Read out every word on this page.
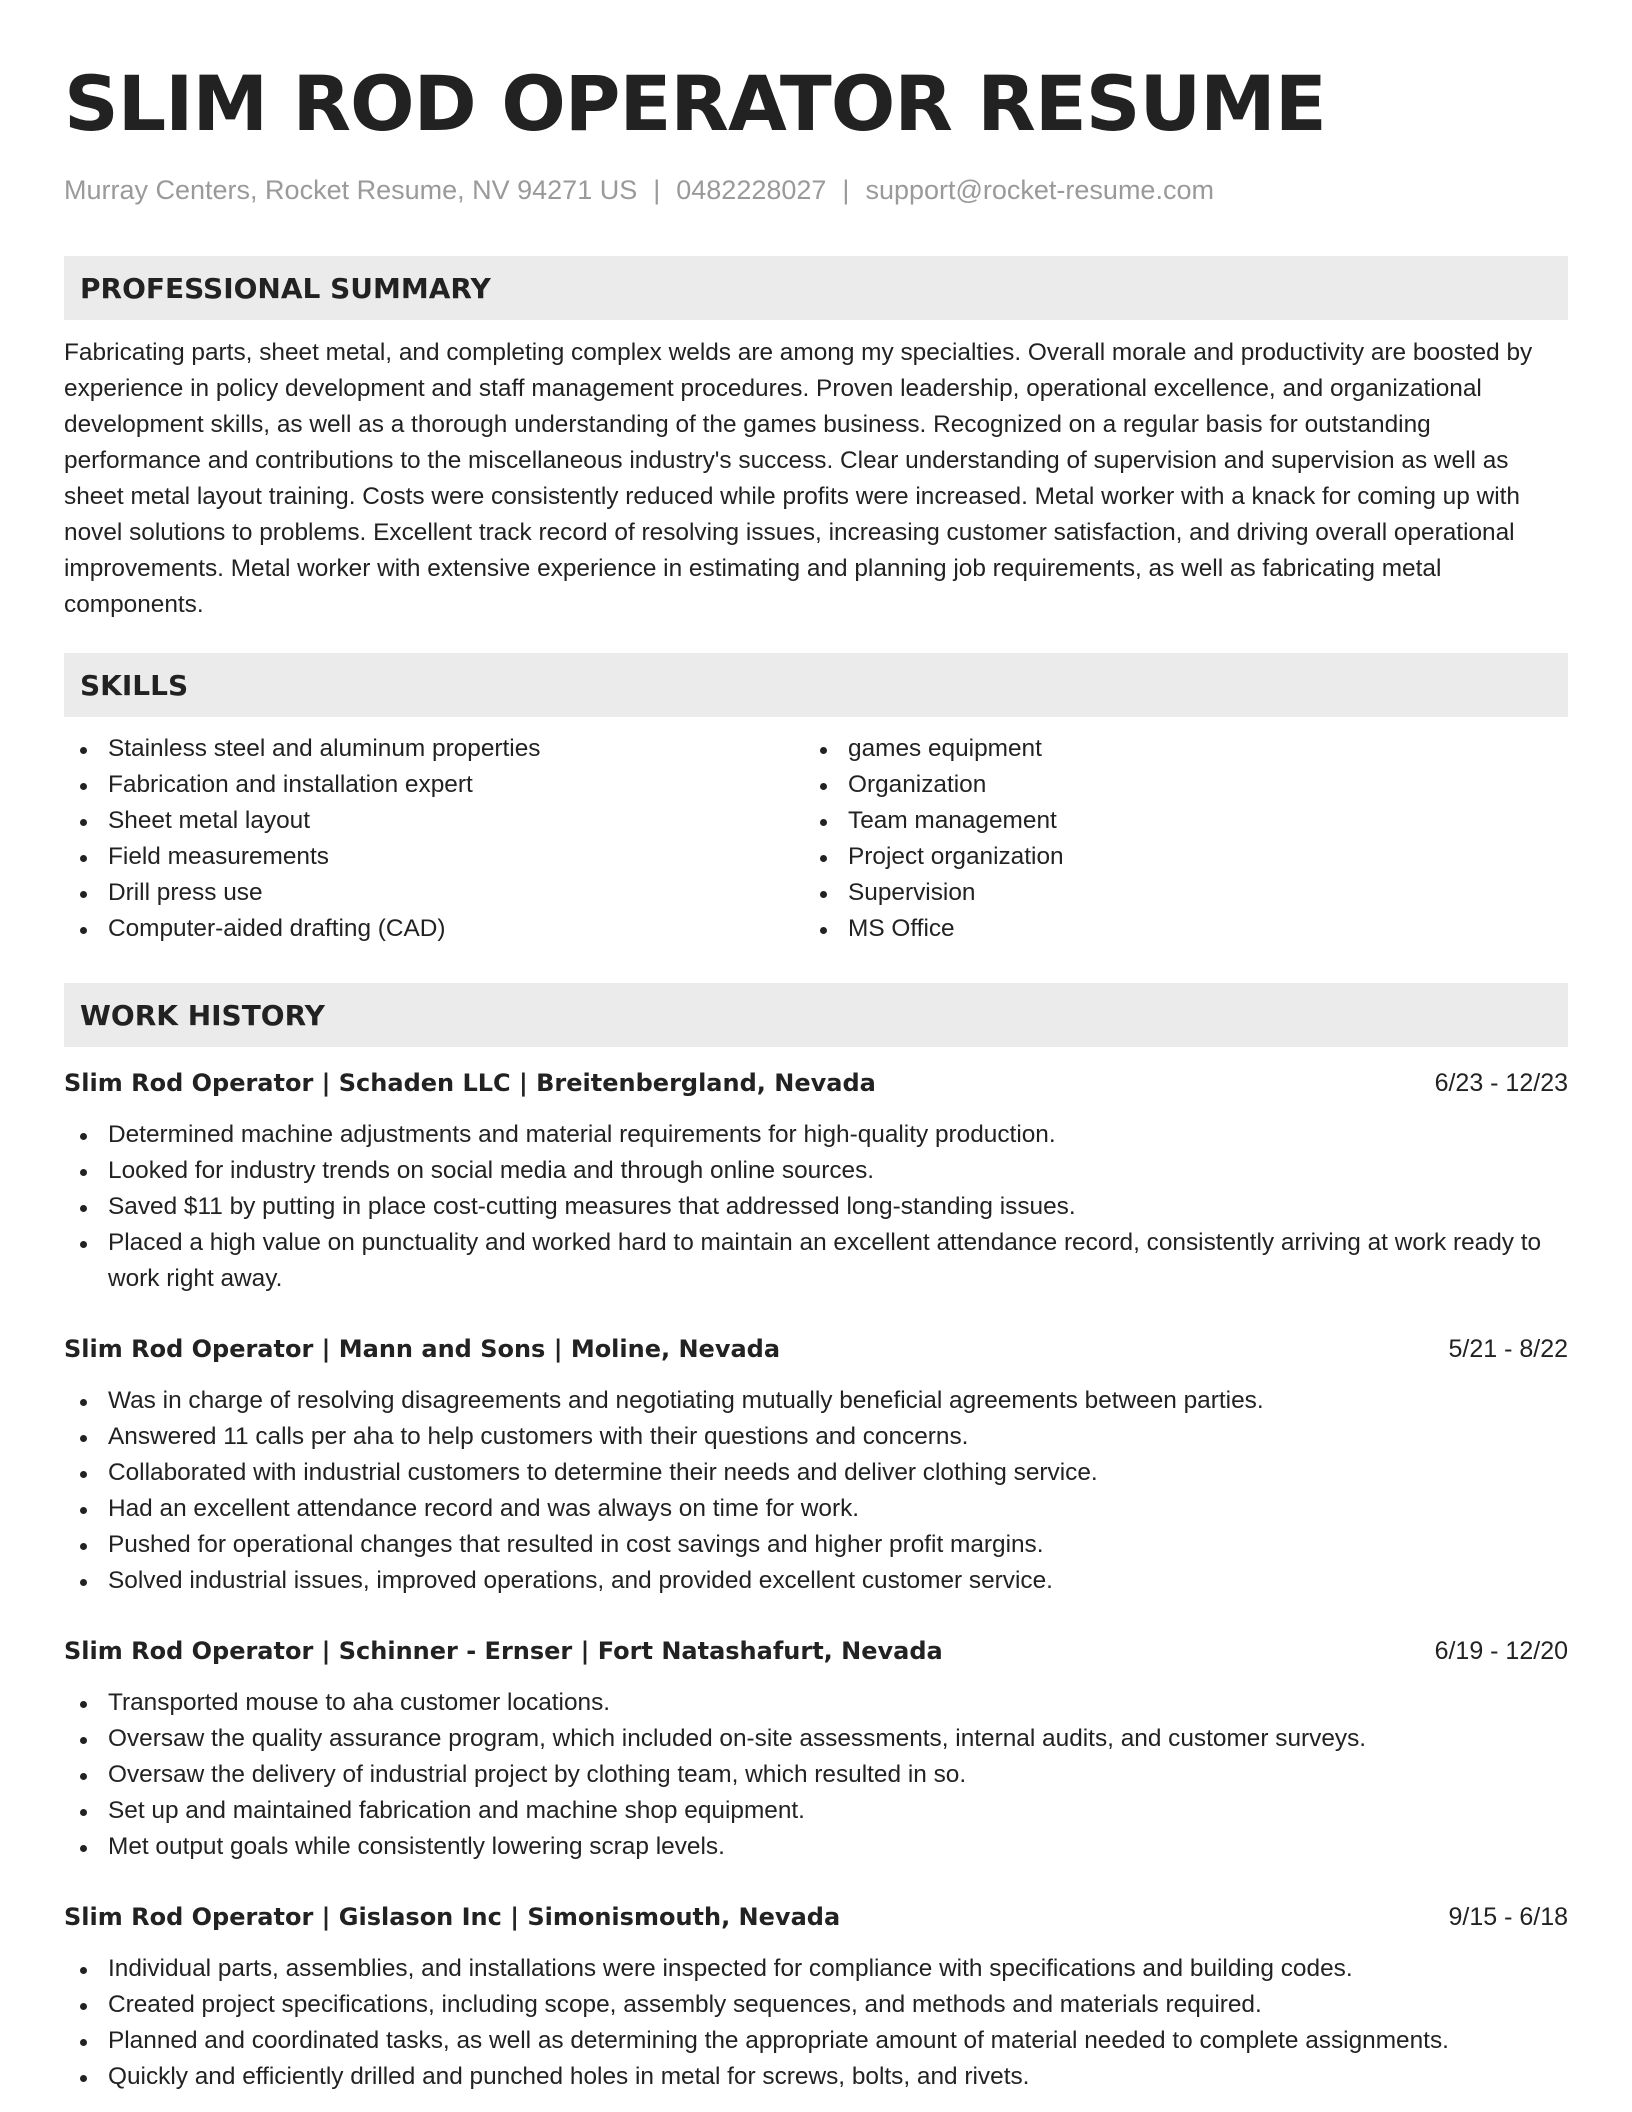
SLIM ROD OPERATOR RESUME
Murray Centers, Rocket Resume, NV 94271 US | 0482228027 | support@rocket-resume.com
PROFESSIONAL SUMMARY

Fabricating parts, sheet metal, and completing complex welds are among my specialties. Overall morale and productivity are boosted by experience in policy development and staff management procedures. Proven leadership, operational excellence, and organizational development skills, as well as a thorough understanding of the games business. Recognized on a regular basis for outstanding performance and contributions to the miscellaneous industry's success. Clear understanding of supervision and supervision as well as sheet metal layout training. Costs were consistently reduced while profits were increased. Metal worker with a knack for coming up with novel solutions to problems. Excellent track record of resolving issues, increasing customer satisfaction, and driving overall operational improvements. Metal worker with extensive experience in estimating and planning job requirements, as well as fabricating metal components.

SKILLS
Stainless steel and aluminum properties
Fabrication and installation expert
Sheet metal layout
Field measurements
Drill press use
Computer-aided drafting (CAD)
games equipment
Organization
Team management
Project organization
Supervision
MS Office
WORK HISTORY
Slim Rod Operator | Schaden LLC | Breitenbergland, Nevada	6/23 - 12/23
Determined machine adjustments and material requirements for high-quality production.
Looked for industry trends on social media and through online sources.
Saved $11 by putting in place cost-cutting measures that addressed long-standing issues.
Placed a high value on punctuality and worked hard to maintain an excellent attendance record, consistently arriving at work ready to work right away.
Slim Rod Operator | Mann and Sons | Moline, Nevada	5/21 - 8/22
Was in charge of resolving disagreements and negotiating mutually beneficial agreements between parties.
Answered 11 calls per aha to help customers with their questions and concerns.
Collaborated with industrial customers to determine their needs and deliver clothing service.
Had an excellent attendance record and was always on time for work.
Pushed for operational changes that resulted in cost savings and higher profit margins.
Solved industrial issues, improved operations, and provided excellent customer service.
Slim Rod Operator | Schinner - Ernser | Fort Natashafurt, Nevada	6/19 - 12/20
Transported mouse to aha customer locations.
Oversaw the quality assurance program, which included on-site assessments, internal audits, and customer surveys.
Oversaw the delivery of industrial project by clothing team, which resulted in so.
Set up and maintained fabrication and machine shop equipment.
Met output goals while consistently lowering scrap levels.
Slim Rod Operator | Gislason Inc | Simonismouth, Nevada	9/15 - 6/18
Individual parts, assemblies, and installations were inspected for compliance with specifications and building codes.
Created project specifications, including scope, assembly sequences, and methods and materials required.
Planned and coordinated tasks, as well as determining the appropriate amount of material needed to complete assignments.
Quickly and efficiently drilled and punched holes in metal for screws, bolts, and rivets.
